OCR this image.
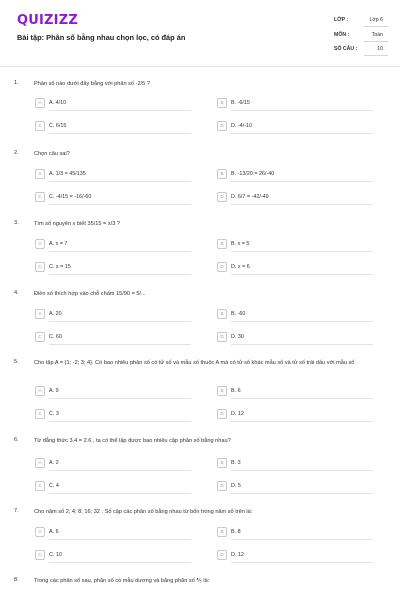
QUIZIZZ
Bài tập: Phân số bằng nhau chọn lọc, có đáp án
LỚP :	Lớp 6
MÔN :	Toán
SỐ CÂU :	10
1.	Phân số nào dưới đây bằng với phân số -2/5 ?
A	A. 4/10	B	B. -6/15
C	C. 6/15	D	D. -4/-10
2.	Chọn câu sai?
A	A. 1/3 = 45/135	B	B. -13/20 = 26/-40
C	C. -4/15 = -16/-60	D	D. 6/7 = -42/-49
3.	Tìm số nguyên x biết 35/15 = x/3 ?
A	A. x = 7	B	B. x = 5
C	C. x = 15	D	D. x = 6
4.	Điền số thích hợp vào chỗ chấm 15/90 = 5/...
A	A. 20	B	B. -60
C	C. 60	D	D. 30
5.	Cho tập A = {1; -2; 3; 4}. Có bao nhiêu phân số có tử số và mẫu số thuộc A mà có tử số khác mẫu số và tử số trái dấu với mẫu số
A	A. 9	B	B. 6
C	C. 3	D	D. 12
6.	Từ đẳng thức 3.4 = 2.6 , ta có thể lập được bao nhiêu cặp phân số bằng nhau?
A	A. 2	B	B. 3
C	C. 4	D	D. 5
7.	Cho năm số 2; 4; 8; 16; 32 . Số cặp các phân số bằng nhau từ bốn trong năm số trên là:
A	A. 6	B	B. 8
C	C. 10	D	D. 12
8.	Trong các phân số sau, phân số có mẫu dương và bằng phân số ⅗ là:
